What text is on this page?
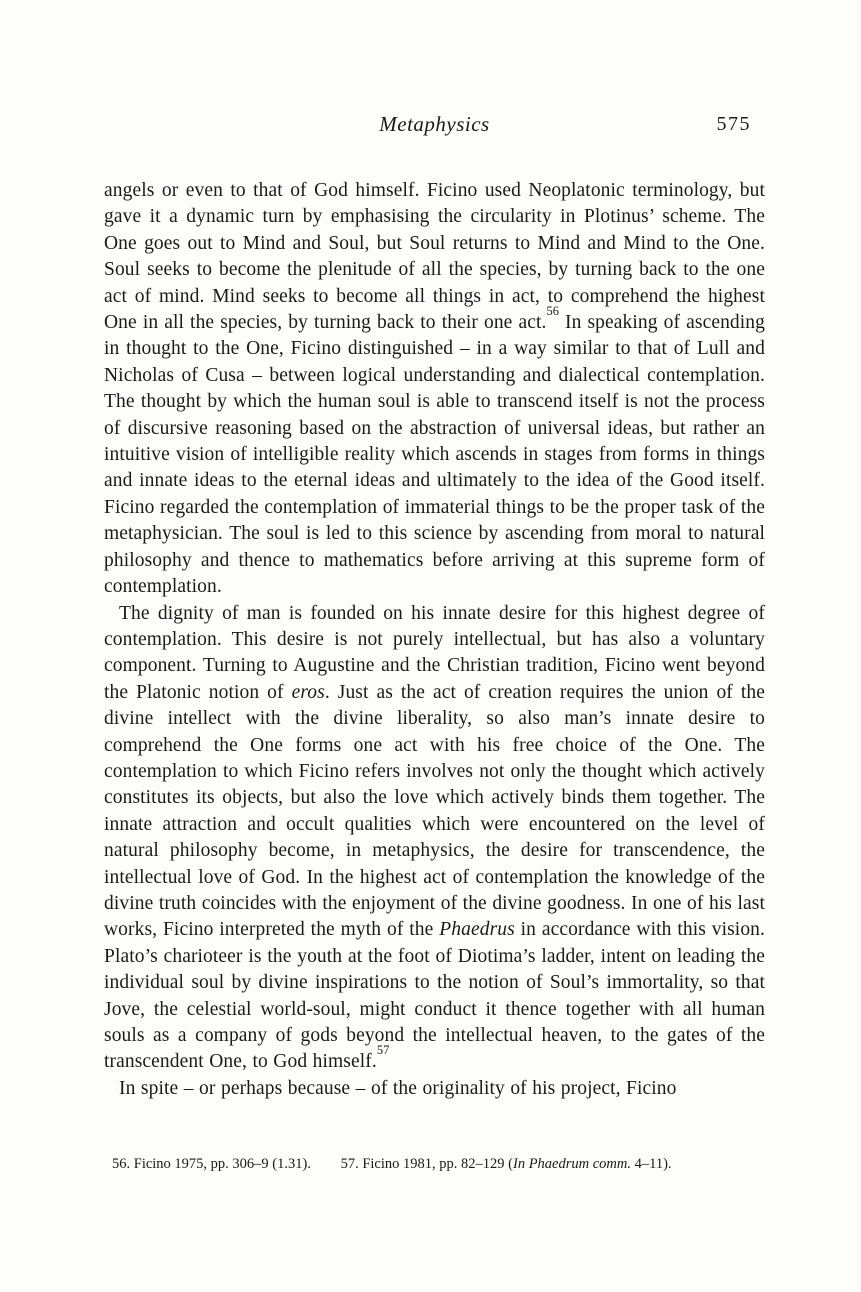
Metaphysics	575

angels or even to that of God himself. Ficino used Neoplatonic terminology, but gave it a dynamic turn by emphasising the circularity in Plotinus’ scheme. The One goes out to Mind and Soul, but Soul returns to Mind and Mind to the One. Soul seeks to become the plenitude of all the species, by turning back to the one act of mind. Mind seeks to become all things in act, to comprehend the highest One in all the species, by turning back to their one act.$^{56}$ In speaking of ascending in thought to the One, Ficino distinguished – in a way similar to that of Lull and Nicholas of Cusa – between logical understanding and dialectical contemplation. The thought by which the human soul is able to transcend itself is not the process of discursive reasoning based on the abstraction of universal ideas, but rather an intuitive vision of intelligible reality which ascends in stages from forms in things and innate ideas to the eternal ideas and ultimately to the idea of the Good itself. Ficino regarded the contemplation of immaterial things to be the proper task of the metaphysician. The soul is led to this science by ascending from moral to natural philosophy and thence to mathematics before arriving at this supreme form of contemplation.

The dignity of man is founded on his innate desire for this highest degree of contemplation. This desire is not purely intellectual, but has also a voluntary component. Turning to Augustine and the Christian tradition, Ficino went beyond the Platonic notion of eros. Just as the act of creation requires the union of the divine intellect with the divine liberality, so also man’s innate desire to comprehend the One forms one act with his free choice of the One. The contemplation to which Ficino refers involves not only the thought which actively constitutes its objects, but also the love which actively binds them together. The innate attraction and occult qualities which were encountered on the level of natural philosophy become, in metaphysics, the desire for transcendence, the intellectual love of God. In the highest act of contemplation the knowledge of the divine truth coincides with the enjoyment of the divine goodness. In one of his last works, Ficino interpreted the myth of the Phaedrus in accordance with this vision. Plato’s charioteer is the youth at the foot of Diotima’s ladder, intent on leading the individual soul by divine inspirations to the notion of Soul’s immortality, so that Jove, the celestial world-soul, might conduct it thence together with all human souls as a company of gods beyond the intellectual heaven, to the gates of the transcendent One, to God himself.$^{57}$

In spite – or perhaps because – of the originality of his project, Ficino

56. Ficino 1975, pp. 306–9 (1.31). 57. Ficino 1981, pp. 82–129 (In Phaedrum comm. 4–11).
